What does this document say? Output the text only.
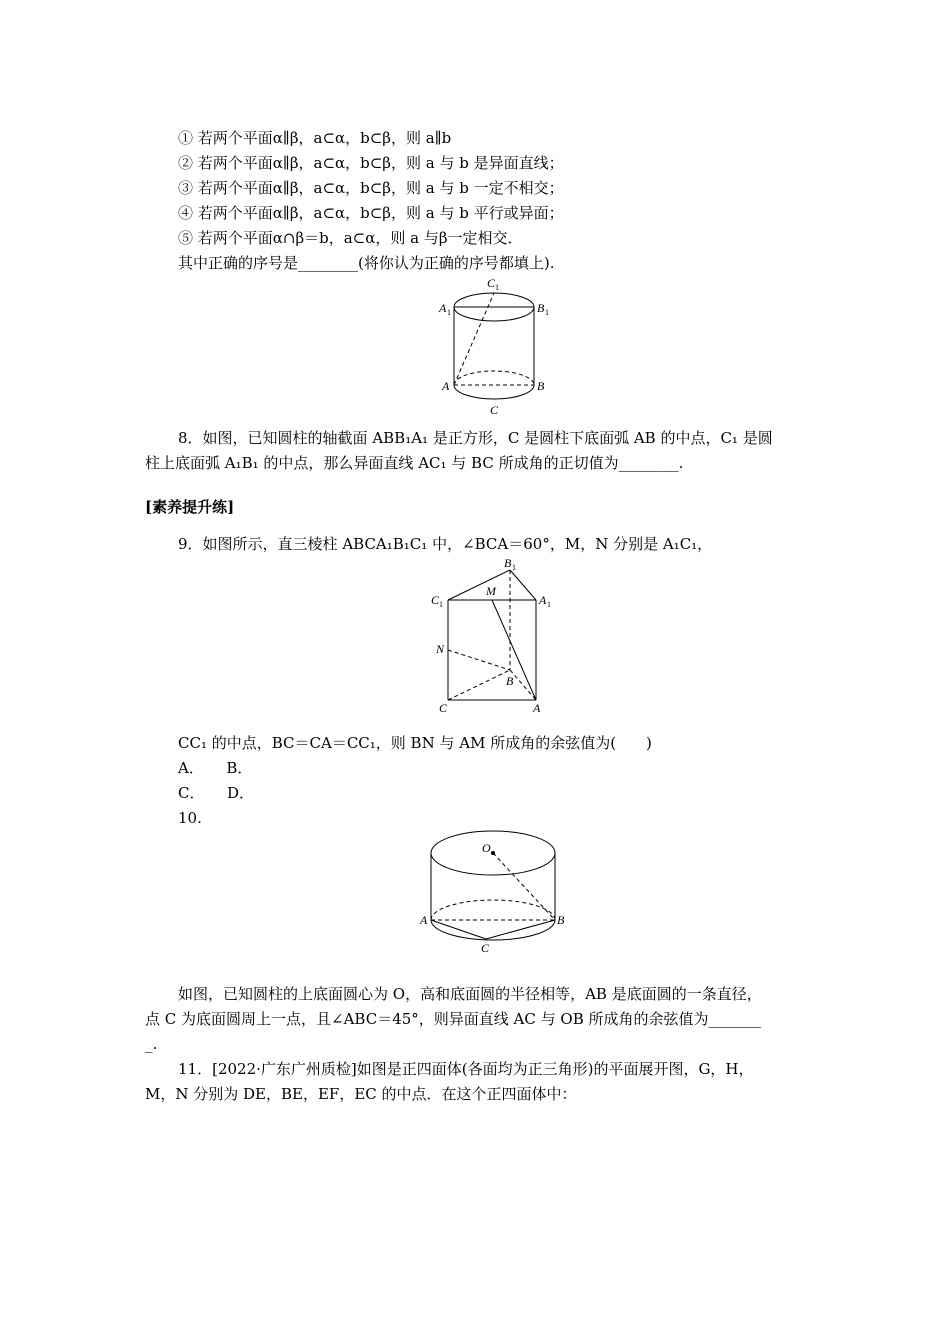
① 若两个平面α∥β，a⊂α，b⊂β，则 a∥b
② 若两个平面α∥β，a⊂α，b⊂β，则 a 与 b 是异面直线；
③ 若两个平面α∥β，a⊂α，b⊂β，则 a 与 b 一定不相交；
④ 若两个平面α∥β，a⊂α，b⊂β，则 a 与 b 平行或异面；
⑤ 若两个平面α∩β＝b，a⊂α，则 a 与β一定相交．
其中正确的序号是________(将你认为正确的序号都填上).
C 1
A 1	B 1
A	B
C
8．如图，已知圆柱的轴截面 ABB₁A₁ 是正方形，C 是圆柱下底面弧 AB 的中点，C₁ 是圆
柱上底面弧 A₁B₁ 的中点，那么异面直线 AC₁ 与 BC 所成角的正切值为________.
[素养提升练]
9．如图所示，直三棱柱 ABCA₁B₁C₁ 中，∠BCA＝60°，M，N 分别是 A₁C₁，
B 1
C 1	A 1
M
N
B
C	A
CC₁ 的中点，BC＝CA＝CC₁，则 BN 与 AM 所成角的余弦值为(　　)
A．　　B．
C．　　D．
10.
O
A	B
C
如图，已知圆柱的上底面圆心为 O，高和底面圆的半径相等，AB 是底面圆的一条直径，
点 C 为底面圆周上一点，且∠ABC＝45°，则异面直线 AC 与 OB 所成角的余弦值为_______
_.
11．[2022·广东广州质检]如图是正四面体(各面均为正三角形)的平面展开图，G，H，
M，N 分别为 DE，BE，EF，EC 的中点．在这个正四面体中：
